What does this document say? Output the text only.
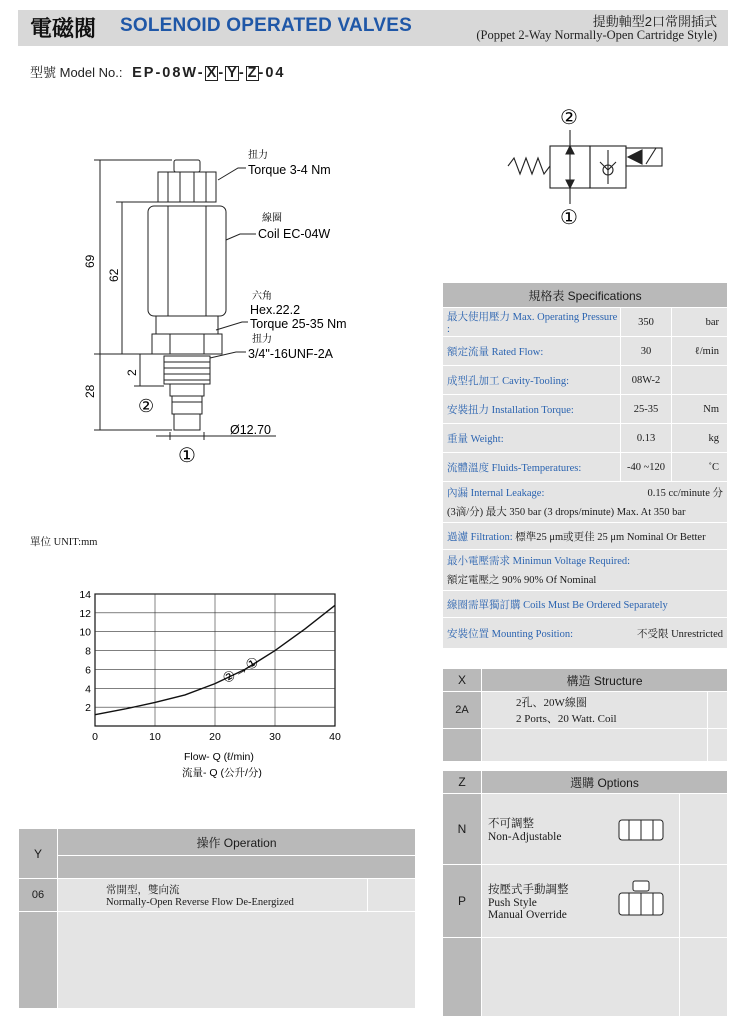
電磁閥 SOLENOID OPERATED VALVES	提動軸型2口常開插式
(Poppet 2-Way Normally-Open Cartridge Style)
型號 Model No.: EP-08W- X - Y - Z -04
69
62
2
28
扭力
Torque 3-4 Nm
線圈
Coil EC-04W
六角
Hex.22.2
Torque 25-35 Nm
扭力
3/4"-16UNF-2A
②
Ø12.70
①
單位 UNIT:mm
②
①
2
4
6
8
10
12
14
0	10	20	30	40
②→①
Flow- Q (ℓ/min)
流量- Q (公升/分)
規格表 Specifications		
最大使用壓力 Max. Operating Pressure :	350	bar
額定流量 Rated Flow:	30	ℓ/min
成型孔加工 Cavity-Tooling:	08W-2	
安裝扭力 Installation Torque:	25-35	Nm
重量 Weight:	0.13	kg
流體溫度 Fluids-Temperatures:	-40 ~120	˚C

內漏 Internal Leakage: 0.15 cc/minute 分
(3滴/分) 最大 350 bar (3 drops/minute) Max. At 350 bar		

過濾 Filtration: 標準25 μm或更佳 25 μm Nominal Or Better		

最小電壓需求 Minimun Voltage Required:
額定電壓之 90% 90% Of Nominal		

線圈需單獨訂購 Coils Must Be Ordered Separately		

安裝位置 Mounting Position: 不受限 Unrestricted		
X	構造 Structure	
2A	2孔、20W線圈
2 Ports、20 Watt. Coil	

Z	選購 Options	
N	不可調整
Non-Adjustable	

P	按壓式手動調整
Push Style
Manual Override	

Y	操作 Operation	

06	常開型，雙向流
Normally-Open Reverse Flow De-Energized	
